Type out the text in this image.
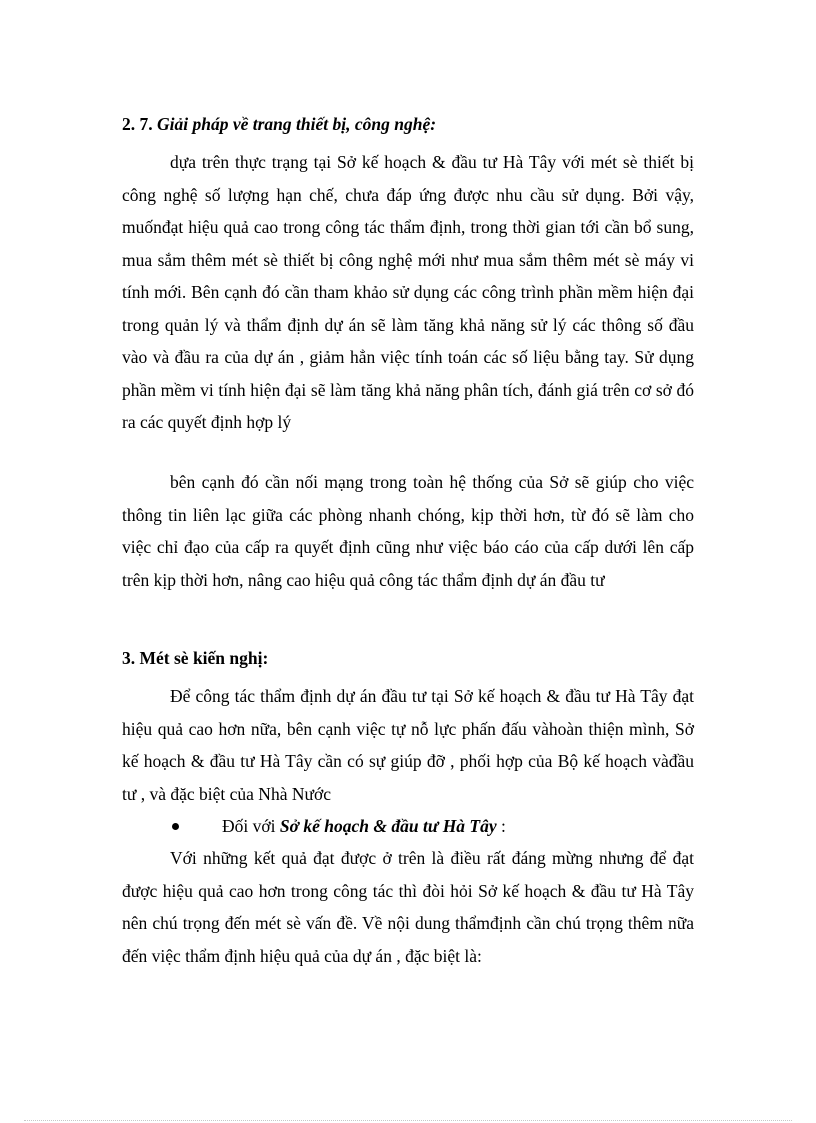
2. 7. Giải pháp về trang thiết bị, công nghệ:
dựa trên thực trạng tại Sở kế hoạch & đầu tư Hà Tây với mét sè thiết bị công nghệ số lượng hạn chế, chưa đáp ứng được nhu cầu sử dụng. Bởi vậy, muốnđạt hiệu quả cao trong công tác thẩm định, trong thời gian tới cần bổ sung, mua sắm thêm mét sè thiết bị công nghệ mới như mua sắm thêm mét sè máy vi tính mới. Bên cạnh đó cần tham khảo sử dụng các công trình phần mềm hiện đại trong quản lý và thẩm định dự án sẽ làm tăng khả năng sử lý các thông số đầu vào và đầu ra của dự án , giảm hẳn việc tính toán các số liệu bằng tay. Sử dụng phần mềm vi tính hiện đại sẽ làm tăng khả năng phân tích, đánh giá trên cơ sở đó ra các quyết định hợp lý
bên cạnh đó cần nối mạng trong toàn hệ thống của Sở sẽ giúp cho việc thông tin liên lạc giữa các phòng nhanh chóng, kịp thời hơn, từ đó sẽ làm cho việc chỉ đạo của cấp ra quyết định cũng như việc báo cáo của cấp dưới lên cấp trên kịp thời hơn, nâng cao hiệu quả công tác thẩm định dự án đầu tư
3. Mét sè kiến nghị:
Để công tác thẩm định dự án đầu tư tại Sở kế hoạch & đầu tư Hà Tây đạt hiệu quả cao hơn nữa, bên cạnh việc tự nỗ lực phấn đấu vàhoàn thiện mình, Sở kế hoạch & đầu tư Hà Tây cần có sự giúp đỡ , phối hợp của Bộ kế hoạch vàđầu tư , và đặc biệt của Nhà Nước
Đối với Sở kế hoạch & đầu tư Hà Tây :
Với những kết quả đạt được ở trên là điều rất đáng mừng nhưng để đạt được hiệu quả cao hơn trong công tác thì đòi hỏi Sở kế hoạch & đầu tư Hà Tây nên chú trọng đến mét sè vấn đề. Về nội dung thẩmđịnh cần chú trọng thêm nữa đến việc thẩm định hiệu quả của dự án , đặc biệt là:
